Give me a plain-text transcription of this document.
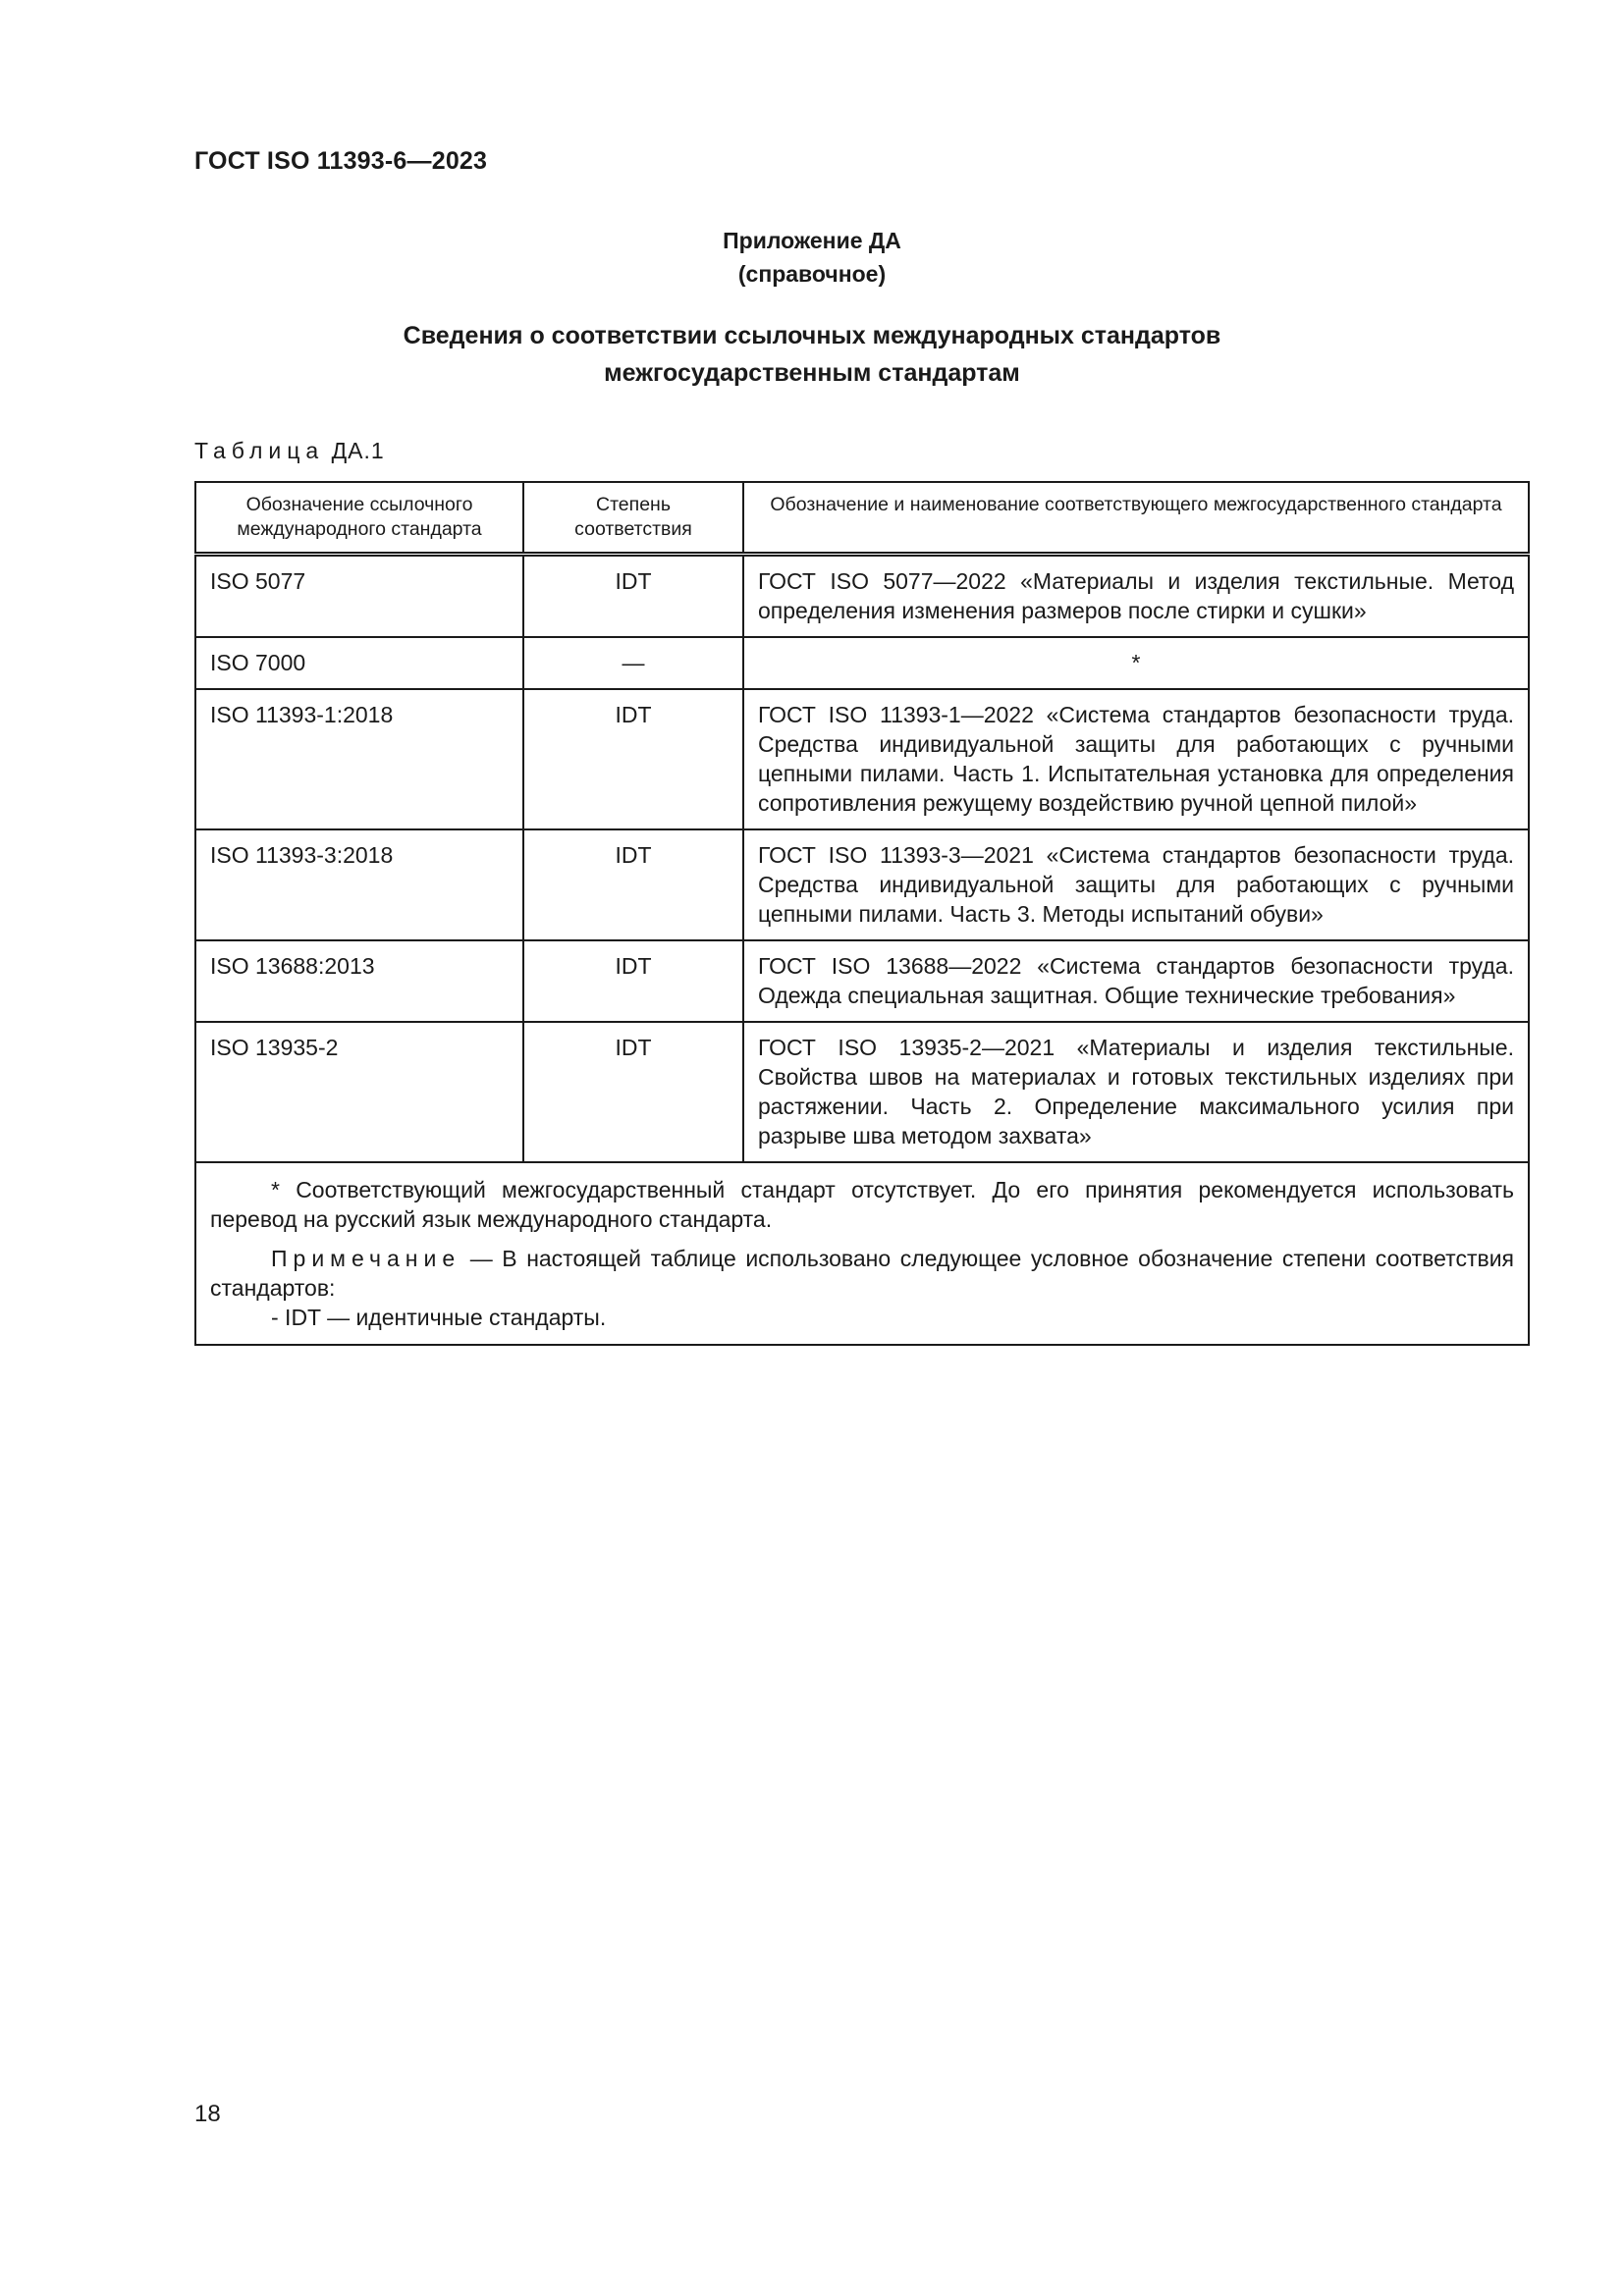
ГОСТ ISO 11393-6—2023
Приложение ДА
(справочное)
Сведения о соответствии ссылочных международных стандартов
межгосударственным стандартам
Таблица ДА.1
Обозначение ссылочного международного стандарта	Степень соответствия	Обозначение и наименование соответствующего межгосударственного стандарта
ISO 5077	IDT	ГОСТ ISO 5077—2022 «Материалы и изделия текстильные. Метод определения изменения размеров после стирки и сушки»
ISO 7000	—	*
ISO 11393-1:2018	IDT	ГОСТ ISO 11393-1—2022 «Система стандартов безопасности труда. Средства индивидуальной защиты для работающих с ручными цепными пилами. Часть 1. Испытательная установка для определения сопротивления режущему воздействию ручной цепной пилой»
ISO 11393-3:2018	IDT	ГОСТ ISO 11393-3—2021 «Система стандартов безопасности труда. Средства индивидуальной защиты для работающих с ручными цепными пилами. Часть 3. Методы испытаний обуви»
ISO 13688:2013	IDT	ГОСТ ISO 13688—2022 «Система стандартов безопасности труда. Одежда специальная защитная. Общие технические требования»
ISO 13935-2	IDT	ГОСТ ISO 13935-2—2021 «Материалы и изделия текстильные. Свойства швов на материалах и готовых текстильных изделиях при растяжении. Часть 2. Определение максимального усилия при разрыве шва методом захвата»

* Соответствующий межгосударственный стандарт отсутствует. До его принятия рекомендуется использовать перевод на русский язык международного стандарта.

Примечание — В настоящей таблице использовано следующее условное обозначение степени соответствия стандартов:
- IDT — идентичные стандарты.		

18
